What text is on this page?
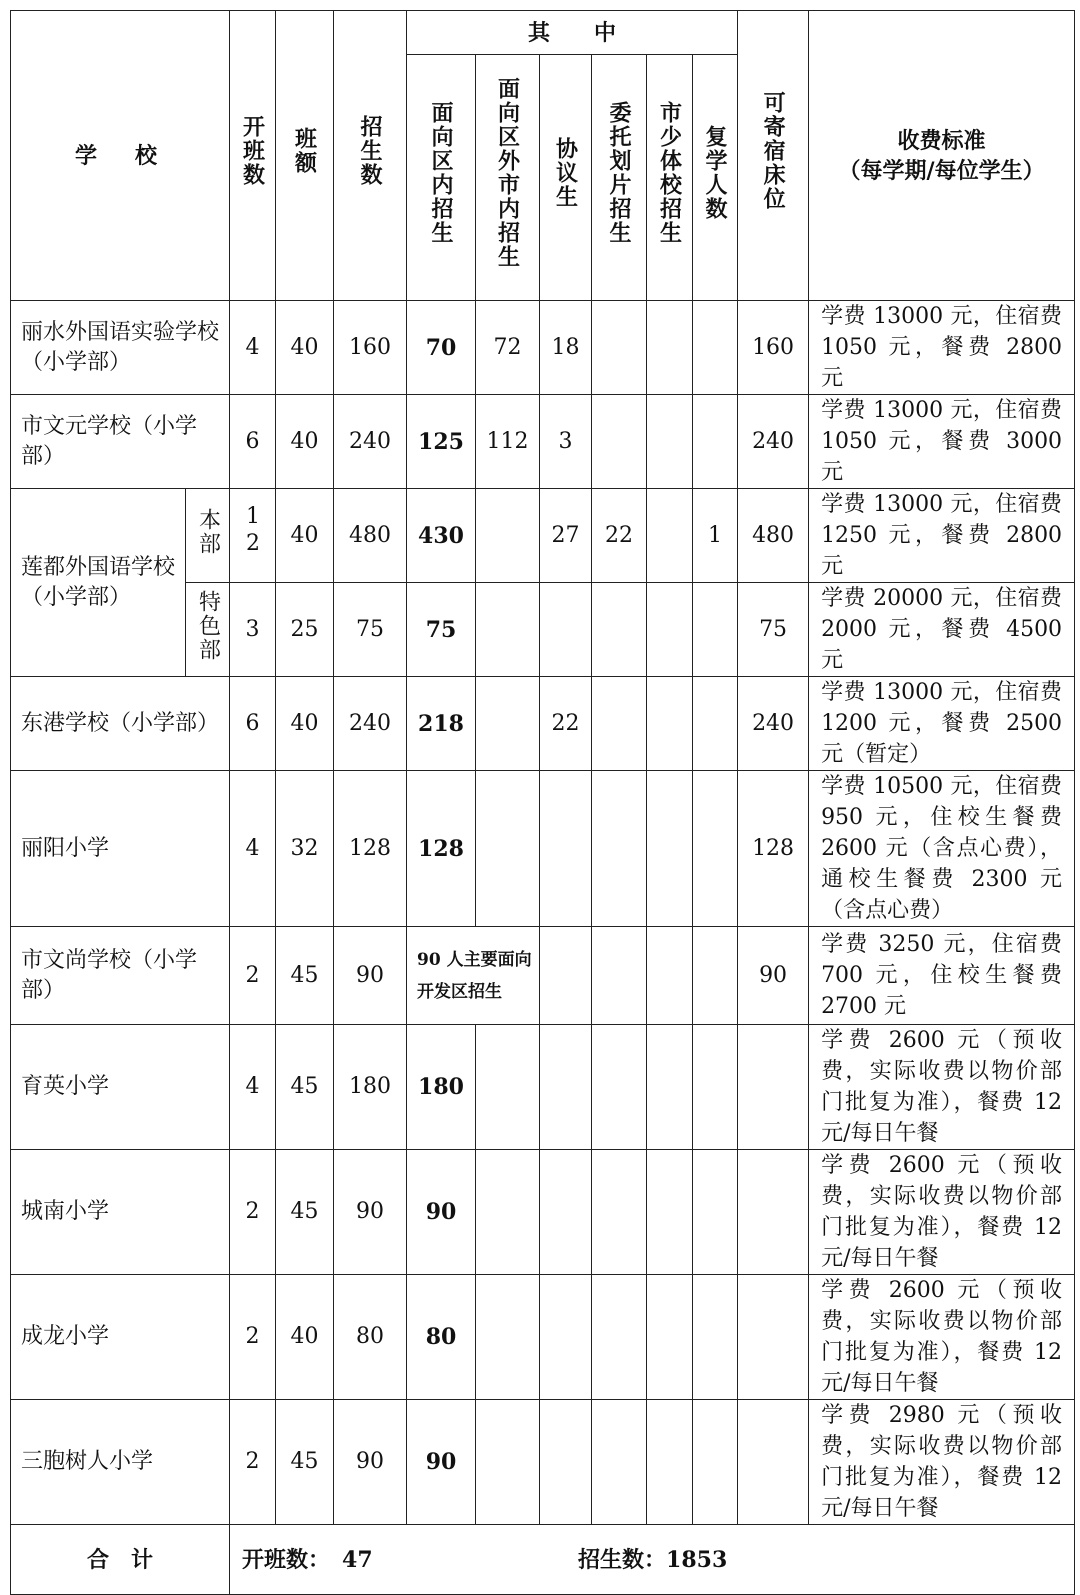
学　校		开班数	班额	招生数	其　　中						可寄宿床位	收费标准
（每学期/每位学生）

					面向区内招生	面向区外市内招生	协议生	委托划片招生	市少体校招生	复学人数		
丽水外国语实验学校（小学部）		4	40	160	70	72	18				160	学费 13000 元，住宿费1050 元，餐费 2800 元
市文元学校（小学部）		6	40	240	125	112	3				240	学费 13000 元，住宿费1050 元，餐费 3000 元
莲都外国语学校（小学部）	本部	12	40	480	430		27	22		1	480	学费 13000 元，住宿费1250 元，餐费 2800 元
	特色部	3	25	75	75						75	学费 20000 元，住宿费2000 元，餐费 4500 元
东港学校（小学部）		6	40	240	218		22				240	学费 13000 元，住宿费1200 元，餐费 2500 元（暂定）
丽阳小学		4	32	128	128						128	学费 10500 元，住宿费950 元，住校生餐费2600 元（含点心费），通校生餐费 2300 元（含点心费）
市文尚学校（小学部）		2	45	90	90 人主要面向开发区招生						90	学费 3250 元，住宿费700 元，住校生餐费2700 元
育英小学		4	45	180	180							学费 2600 元（预收费，实际收费以物价部门批复为准），餐费 12元/每日午餐
城南小学		2	45	90	90							学费 2600 元（预收费，实际收费以物价部门批复为准），餐费 12元/每日午餐
成龙小学		2	40	80	80							学费 2600 元（预收费，实际收费以物价部门批复为准），餐费 12元/每日午餐
三胞树人小学		2	45	90	90							学费 2980 元（预收费，实际收费以物价部门批复为准），餐费 12元/每日午餐
合　计		开班数： 47 招生数：1853										
